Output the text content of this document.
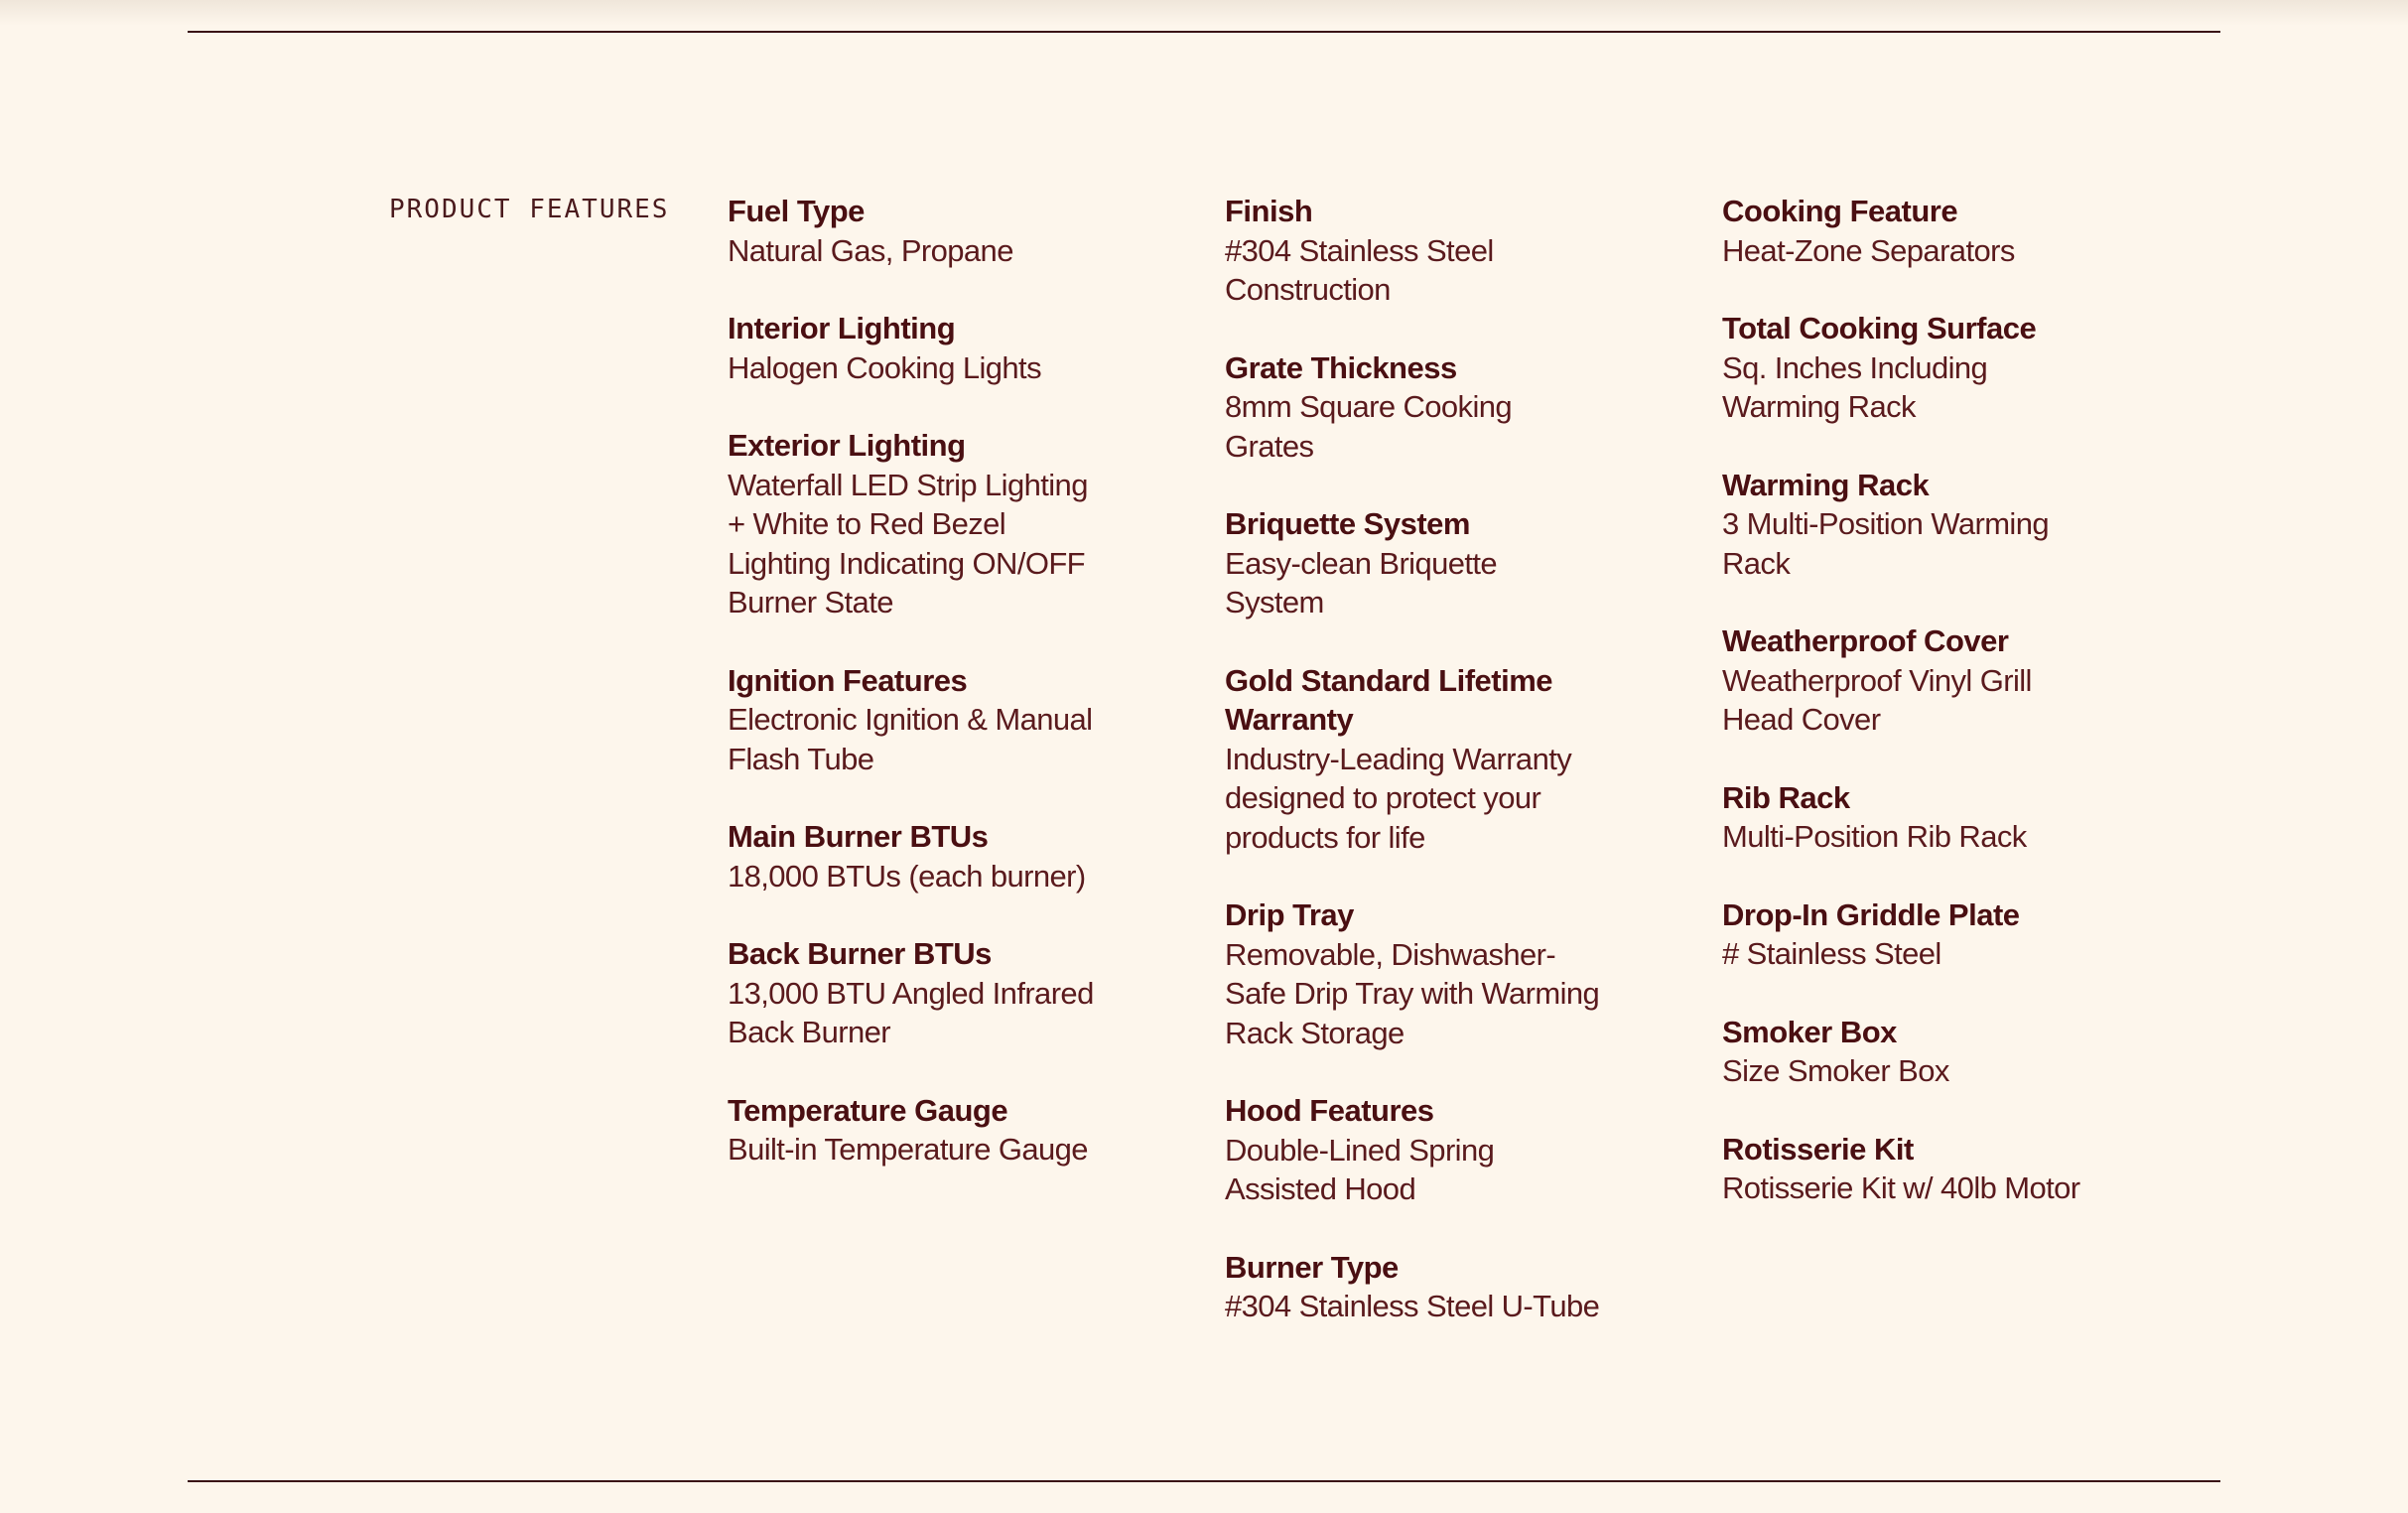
PRODUCT FEATURES Fuel Type
Natural Gas, Propane
Interior Lighting
Halogen Cooking Lights
Exterior Lighting
Waterfall LED Strip Lighting + White to Red Bezel Lighting Indicating ON/OFF Burner State
Ignition Features
Electronic Ignition & Manual Flash Tube
Main Burner BTUs
18,000 BTUs (each burner)
Back Burner BTUs
13,000 BTU Angled Infrared Back Burner
Temperature Gauge
Built-in Temperature Gauge
Finish
#304 Stainless Steel Construction
Grate Thickness
8mm Square Cooking Grates
Briquette System
Easy-clean Briquette System
Gold Standard Lifetime Warranty
Industry-Leading Warranty designed to protect your products for life
Drip Tray
Removable, Dishwasher-Safe Drip Tray with Warming Rack Storage
Hood Features
Double-Lined Spring Assisted Hood
Burner Type
#304 Stainless Steel U-Tube
Cooking Feature
Heat-Zone Separators
Total Cooking Surface
Sq. Inches Including Warming Rack
Warming Rack
3 Multi-Position Warming Rack
Weatherproof Cover
Weatherproof Vinyl Grill Head Cover
Rib Rack
Multi-Position Rib Rack
Drop-In Griddle Plate
# Stainless Steel
Smoker Box
Size Smoker Box
Rotisserie Kit
Rotisserie Kit w/ 40lb Motor
